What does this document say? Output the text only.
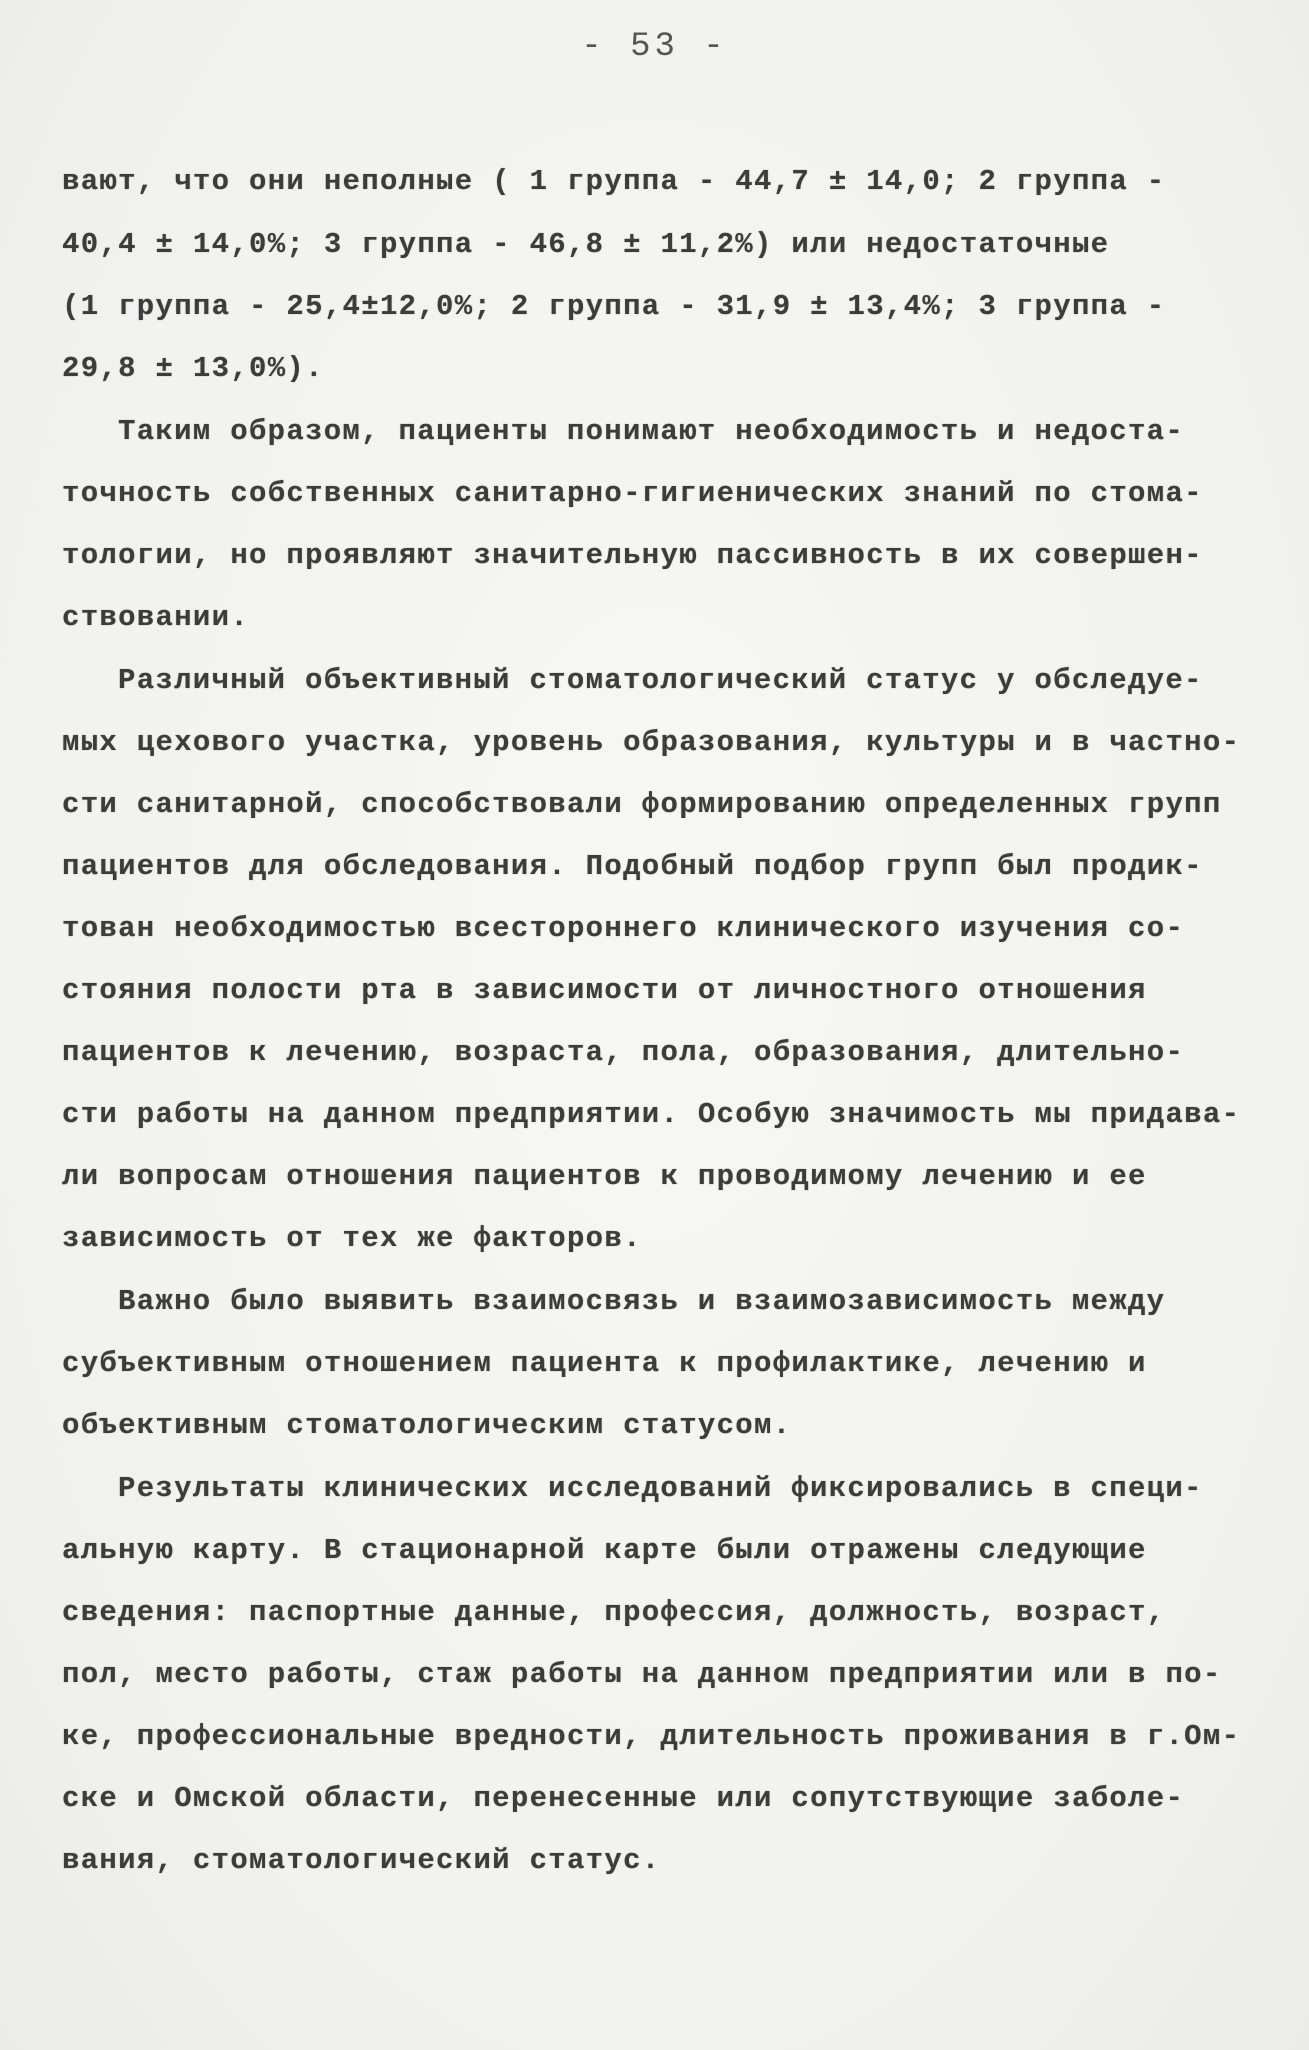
- 53 -
вают, что они неполные ( 1 группа - 44,7 ± 14,0; 2 группа -
40,4 ± 14,0%; 3 группа - 46,8 ± 11,2%) или недостаточные
(1 группа - 25,4±12,0%; 2 группа - 31,9 ± 13,4%; 3 группа -
29,8 ± 13,0%).
Таким образом, пациенты понимают необходимость и недоста-
точность собственных санитарно-гигиенических знаний по стома-
тологии, но проявляют значительную пассивность в их совершен-
ствовании.
Различный объективный стоматологический статус у обследуе-
мых цехового участка, уровень образования, культуры и в частно-
сти санитарной, способствовали формированию определенных групп
пациентов для обследования. Подобный подбор групп был продик-
тован необходимостью всестороннего клинического изучения со-
стояния полости рта в зависимости от личностного отношения
пациентов к лечению, возраста, пола, образования, длительно-
сти работы на данном предприятии. Особую значимость мы придава-
ли вопросам отношения пациентов к проводимому лечению и ее
зависимость от тех же факторов.
Важно было выявить взаимосвязь и взаимозависимость между
субъективным отношением пациента к профилактике, лечению и
объективным стоматологическим статусом.
Результаты клинических исследований фиксировались в специ-
альную карту. В стационарной карте были отражены следующие
сведения: паспортные данные, профессия, должность, возраст,
пол, место работы, стаж работы на данном предприятии или в по-
ке, профессиональные вредности, длительность проживания в г.Ом-
ске и Омской области, перенесенные или сопутствующие заболе-
вания, стоматологический статус.
